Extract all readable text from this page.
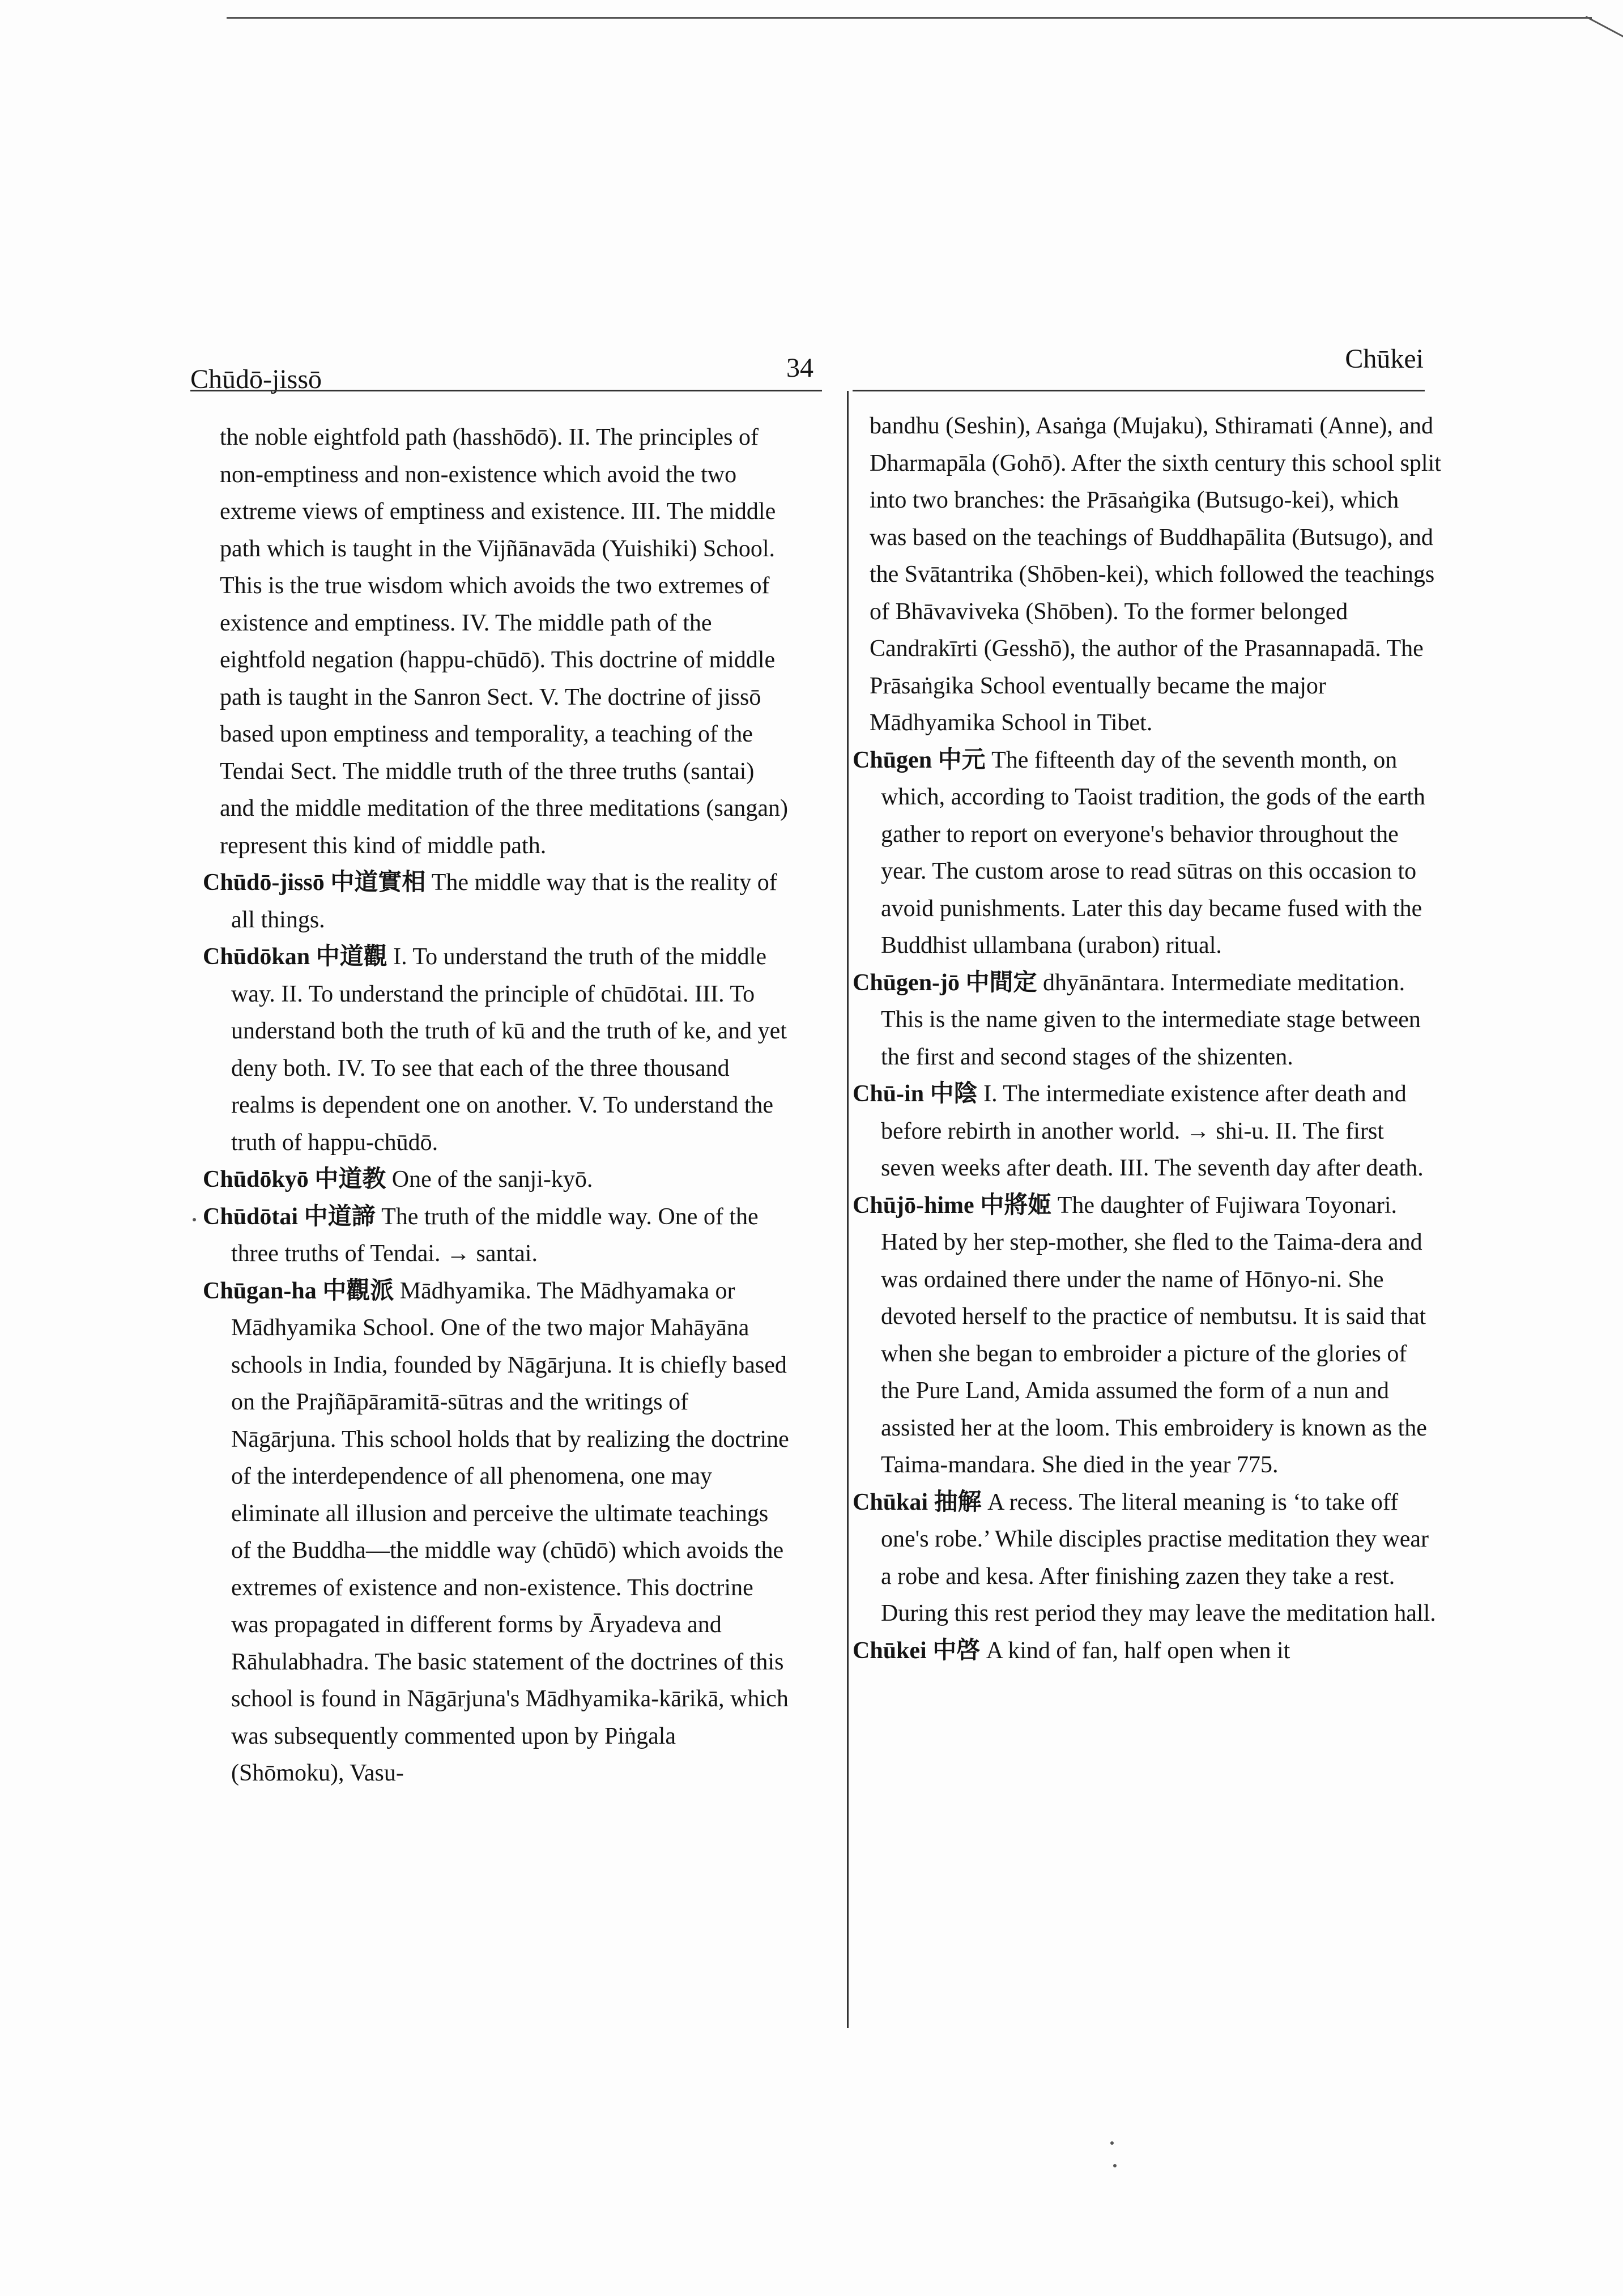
Chūdō-jissō	34	Chūkei

the noble eightfold path (hasshōdō). II. The principles of non-emptiness and non-existence which avoid the two extreme views of emptiness and existence. III. The middle path which is taught in the Vijñānavāda (Yuishiki) School. This is the true wisdom which avoids the two extremes of existence and emptiness. IV. The middle path of the eightfold negation (happu-chūdō). This doctrine of middle path is taught in the Sanron Sect. V. The doctrine of jissō based upon emptiness and temporality, a teaching of the Tendai Sect. The middle truth of the three truths (santai) and the middle meditation of the three meditations (sangan) represent this kind of middle path.

Chūdō-jissō 中道實相 The middle way that is the reality of all things.

Chūdōkan 中道觀 I. To understand the truth of the middle way. II. To understand the principle of chūdōtai. III. To understand both the truth of kū and the truth of ke, and yet deny both. IV. To see that each of the three thousand realms is dependent one on another. V. To understand the truth of happu-chūdō.

Chūdōkyō 中道教 One of the sanji-kyō.

Chūdōtai 中道諦 The truth of the middle way. One of the three truths of Tendai. → santai.

Chūgan-ha 中觀派 Mādhyamika. The Mādhyamaka or Mādhyamika School. One of the two major Mahāyāna schools in India, founded by Nāgārjuna. It is chiefly based on the Prajñāpāramitā-sūtras and the writings of Nāgārjuna. This school holds that by realizing the doctrine of the interdependence of all phenomena, one may eliminate all illusion and perceive the ultimate teachings of the Buddha—the middle way (chūdō) which avoids the extremes of existence and non-existence. This doctrine was propagated in different forms by Āryadeva and Rāhulabhadra. The basic statement of the doctrines of this school is found in Nāgārjuna's Mādhyamika-kārikā, which was subsequently commented upon by Piṅgala (Shōmoku), Vasu-

bandhu (Seshin), Asaṅga (Mujaku), Sthiramati (Anne), and Dharmapāla (Gohō). After the sixth century this school split into two branches: the Prāsaṅgika (Butsugo-kei), which was based on the teachings of Buddhapālita (Butsugo), and the Svātantrika (Shōben-kei), which followed the teachings of Bhāvaviveka (Shōben). To the former belonged Candrakīrti (Gesshō), the author of the Prasannapadā. The Prāsaṅgika School eventually became the major Mādhyamika School in Tibet.

Chūgen 中元 The fifteenth day of the seventh month, on which, according to Taoist tradition, the gods of the earth gather to report on everyone's behavior throughout the year. The custom arose to read sūtras on this occasion to avoid punishments. Later this day became fused with the Buddhist ullambana (urabon) ritual.

Chūgen-jō 中間定 dhyānāntara. Intermediate meditation. This is the name given to the intermediate stage between the first and second stages of the shizenten.

Chū-in 中陰 I. The intermediate existence after death and before rebirth in another world. → shi-u. II. The first seven weeks after death. III. The seventh day after death.

Chūjō-hime 中將姬 The daughter of Fujiwara Toyonari. Hated by her step-mother, she fled to the Taima-dera and was ordained there under the name of Hōnyo-ni. She devoted herself to the practice of nembutsu. It is said that when she began to embroider a picture of the glories of the Pure Land, Amida assumed the form of a nun and assisted her at the loom. This embroidery is known as the Taima-mandara. She died in the year 775.

Chūkai 抽解 A recess. The literal meaning is ‘to take off one's robe.’ While disciples practise meditation they wear a robe and kesa. After finishing zazen they take a rest. During this rest period they may leave the meditation hall.

Chūkei 中啓 A kind of fan, half open when it
